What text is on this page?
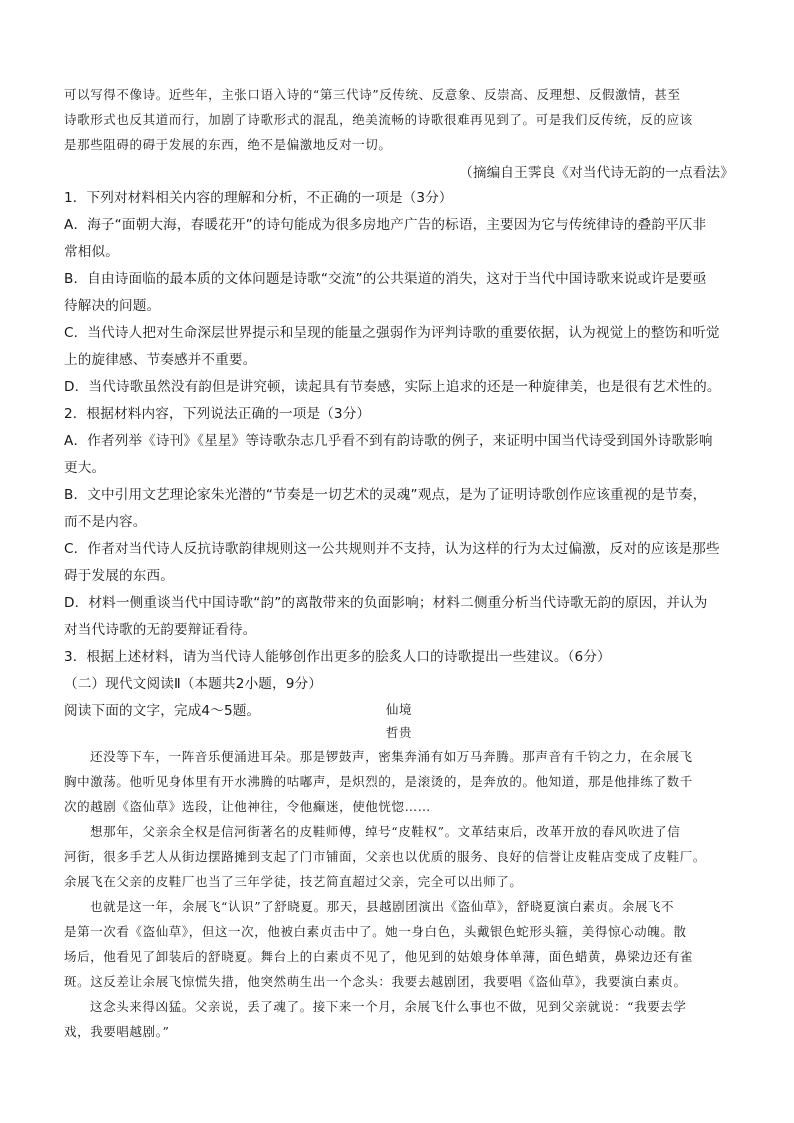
可以写得不像诗。近些年，主张口语入诗的“第三代诗”反传统、反意象、反崇高、反理想、反假激情，甚至

诗歌形式也反其道而行，加剧了诗歌形式的混乱，绝美流畅的诗歌很难再见到了。可是我们反传统，反的应该

是那些阻碍的碍于发展的东西，绝不是偏激地反对一切。

（摘编自王霁良《对当代诗无韵的一点看法》

1．下列对材料相关内容的理解和分析，不正确的一项是（3分）

A．海子“面朝大海，春暖花开”的诗句能成为很多房地产广告的标语，主要因为它与传统律诗的叠韵平仄非

常相似。

B．自由诗面临的最本质的文体问题是诗歌“交流”的公共渠道的消失，这对于当代中国诗歌来说或许是要亟

待解决的问题。

C．当代诗人把对生命深层世界提示和呈现的能量之强弱作为评判诗歌的重要依据，认为视觉上的整饬和听觉

上的旋律感、节奏感并不重要。

D．当代诗歌虽然没有韵但是讲究顿，读起具有节奏感，实际上追求的还是一种旋律美，也是很有艺术性的。

2．根据材料内容，下列说法正确的一项是（3分）

A．作者列举《诗刊》《星星》等诗歌杂志几乎看不到有韵诗歌的例子，来证明中国当代诗受到国外诗歌影响

更大。

B．文中引用文艺理论家朱光潜的“节奏是一切艺术的灵魂”观点，是为了证明诗歌创作应该重视的是节奏，

而不是内容。

C．作者对当代诗人反抗诗歌韵律规则这一公共规则并不支持，认为这样的行为太过偏激，反对的应该是那些

碍于发展的东西。

D．材料一侧重谈当代中国诗歌“韵”的离散带来的负面影响；材料二侧重分析当代诗歌无韵的原因，并认为

对当代诗歌的无韵要辩证看待。

3．根据上述材料，请为当代诗人能够创作出更多的脍炙人口的诗歌提出一些建议。（6分）

（二）现代文阅读Ⅱ（本题共2小题，9分）

阅读下面的文字，完成4～5题。	仙境

哲贵

还没等下车，一阵音乐便涌进耳朵。那是锣鼓声，密集奔涌有如万马奔腾。那声音有千钧之力，在余展飞

胸中激荡。他听见身体里有开水沸腾的咕嘟声，是炽烈的，是滚烫的，是奔放的。他知道，那是他排练了数千

次的越剧《盗仙草》选段，让他神往，令他癫迷，使他恍惚……

想那年，父亲余全权是信河街著名的皮鞋师傅，绰号“皮鞋权”。文革结束后，改革开放的春风吹进了信

河街，很多手艺人从街边摆路摊到支起了门市铺面，父亲也以优质的服务、良好的信誉让皮鞋店变成了皮鞋厂。

余展飞在父亲的皮鞋厂也当了三年学徒，技艺简直超过父亲，完全可以出师了。

也就是这一年，余展飞“认识”了舒晓夏。那天，县越剧团演出《盗仙草》，舒晓夏演白素贞。余展飞不

是第一次看《盗仙草》，但这一次，他被白素贞击中了。她一身白色，头戴银色蛇形头箍，美得惊心动魄。散

场后，他看见了卸装后的舒晓夏。舞台上的白素贞不见了，他见到的姑娘身体单薄，面色蜡黄，鼻梁边还有雀

斑。这反差让余展飞惊慌失措，他突然萌生出一个念头：我要去越剧团，我要唱《盗仙草》，我要演白素贞。

这念头来得凶猛。父亲说，丢了魂了。接下来一个月，余展飞什么事也不做，见到父亲就说：“我要去学

戏，我要唱越剧。”
